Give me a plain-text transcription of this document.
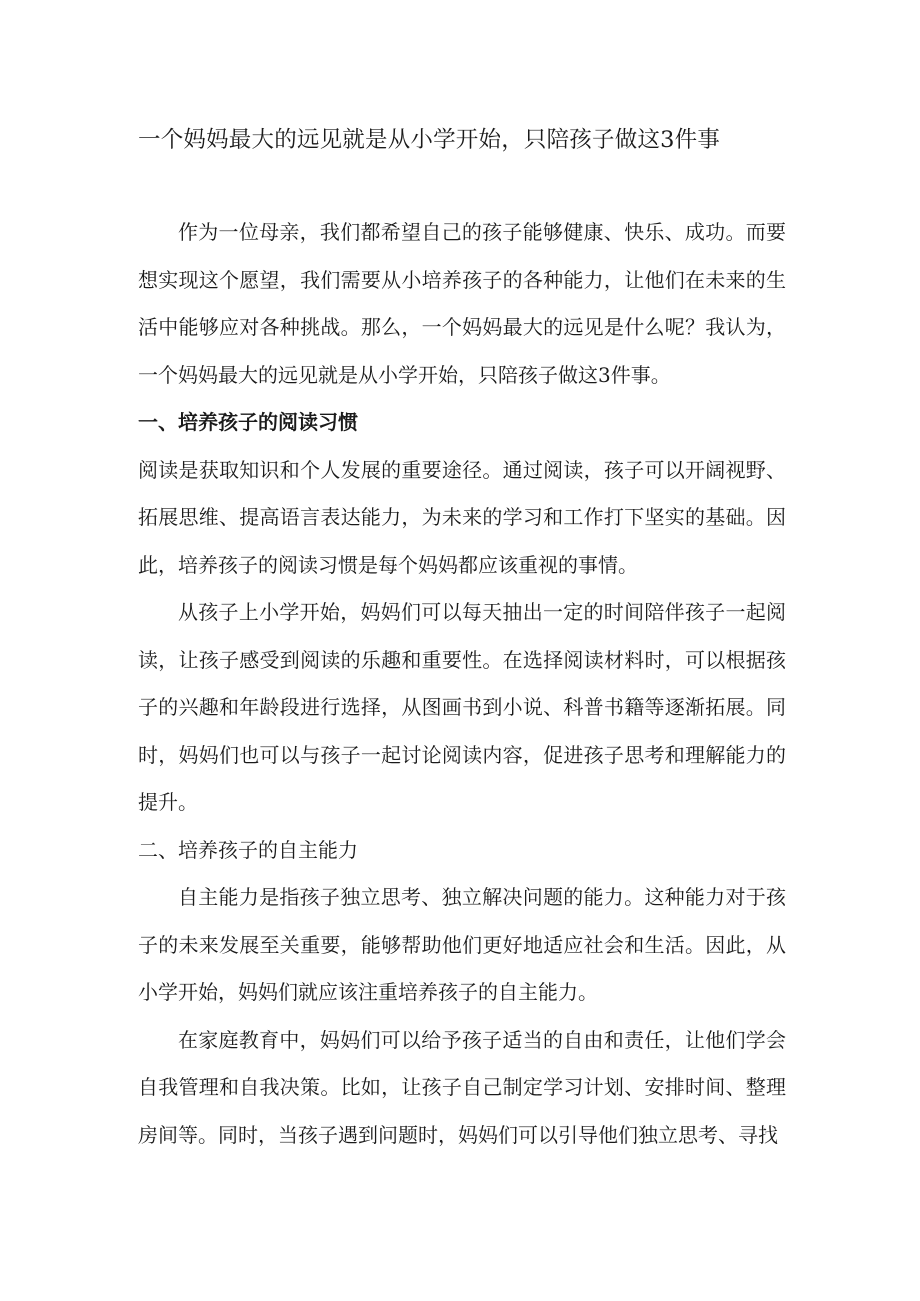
一个妈妈最大的远见就是从小学开始，只陪孩子做这3件事

作为一位母亲，我们都希望自己的孩子能够健康、快乐、成功。而要想实现这个愿望，我们需要从小培养孩子的各种能力，让他们在未来的生活中能够应对各种挑战。那么，一个妈妈最大的远见是什么呢？我认为，一个妈妈最大的远见就是从小学开始，只陪孩子做这3件事。

一、培养孩子的阅读习惯

阅读是获取知识和个人发展的重要途径。通过阅读，孩子可以开阔视野、拓展思维、提高语言表达能力，为未来的学习和工作打下坚实的基础。因此，培养孩子的阅读习惯是每个妈妈都应该重视的事情。

从孩子上小学开始，妈妈们可以每天抽出一定的时间陪伴孩子一起阅读，让孩子感受到阅读的乐趣和重要性。在选择阅读材料时，可以根据孩子的兴趣和年龄段进行选择，从图画书到小说、科普书籍等逐渐拓展。同时，妈妈们也可以与孩子一起讨论阅读内容，促进孩子思考和理解能力的提升。

二、培养孩子的自主能力

自主能力是指孩子独立思考、独立解决问题的能力。这种能力对于孩子的未来发展至关重要，能够帮助他们更好地适应社会和生活。因此，从小学开始，妈妈们就应该注重培养孩子的自主能力。

在家庭教育中，妈妈们可以给予孩子适当的自由和责任，让他们学会自我管理和自我决策。比如，让孩子自己制定学习计划、安排时间、整理房间等。同时，当孩子遇到问题时，妈妈们可以引导他们独立思考、寻找
